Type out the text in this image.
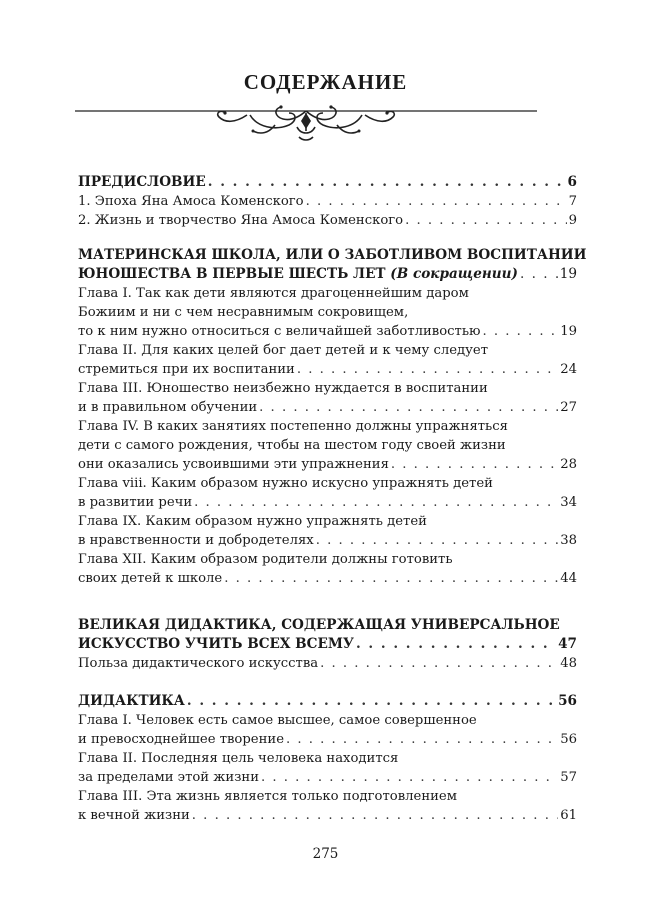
СОДЕРЖАНИЕ
ПРЕДИСЛОВИЕ . . .	6
1. Эпоха Яна Амоса Коменского . . .	7
2. Жизнь и творчество Яна Амоса Коменского . . .	9
МАТЕРИНСКАЯ ШКОЛА, ИЛИ О ЗАБОТЛИВОМ ВОСПИТАНИИ
ЮНОШЕСТВА В ПЕРВЫЕ ШЕСТЬ ЛЕТ (В сокращении) . . .	19
Глава I. Так как дети являются драгоценнейшим даром
Божиим и ни с чем несравнимым сокровищем,
то к ним нужно относиться с величайшей заботливостью . . .	19
Глава II. Для каких целей бог дает детей и к чему следует
стремиться при их воспитании . . .	24
Глава III. Юношество неизбежно нуждается в воспитании
и в правильном обучении . . .	27
Глава IV. В каких занятиях постепенно должны упражняться
дети с самого рождения, чтобы на шестом году своей жизни
они оказались усвоившими эти упражнения . . .	28
Глава viii. Каким образом нужно искусно упражнять детей
в развитии речи . . .	34
Глава IX. Каким образом нужно упражнять детей
в нравственности и добродетелях . . .	38
Глава XII. Каким образом родители должны готовить
своих детей к школе . . .	44
ВЕЛИКАЯ ДИДАКТИКА, СОДЕРЖАЩАЯ УНИВЕРСАЛЬНОЕ
ИСКУССТВО УЧИТЬ ВСЕХ ВСЕМУ . . .	47
Польза дидактического искусства . . .	48
ДИДАКТИКА . . .	56
Глава I. Человек есть самое высшее, самое совершенное
и превосходнейшее творение . . .	56
Глава II. Последняя цель человека находится
за пределами этой жизни . . .	57
Глава III. Эта жизнь является только подготовлением
к вечной жизни . . .	61
275
